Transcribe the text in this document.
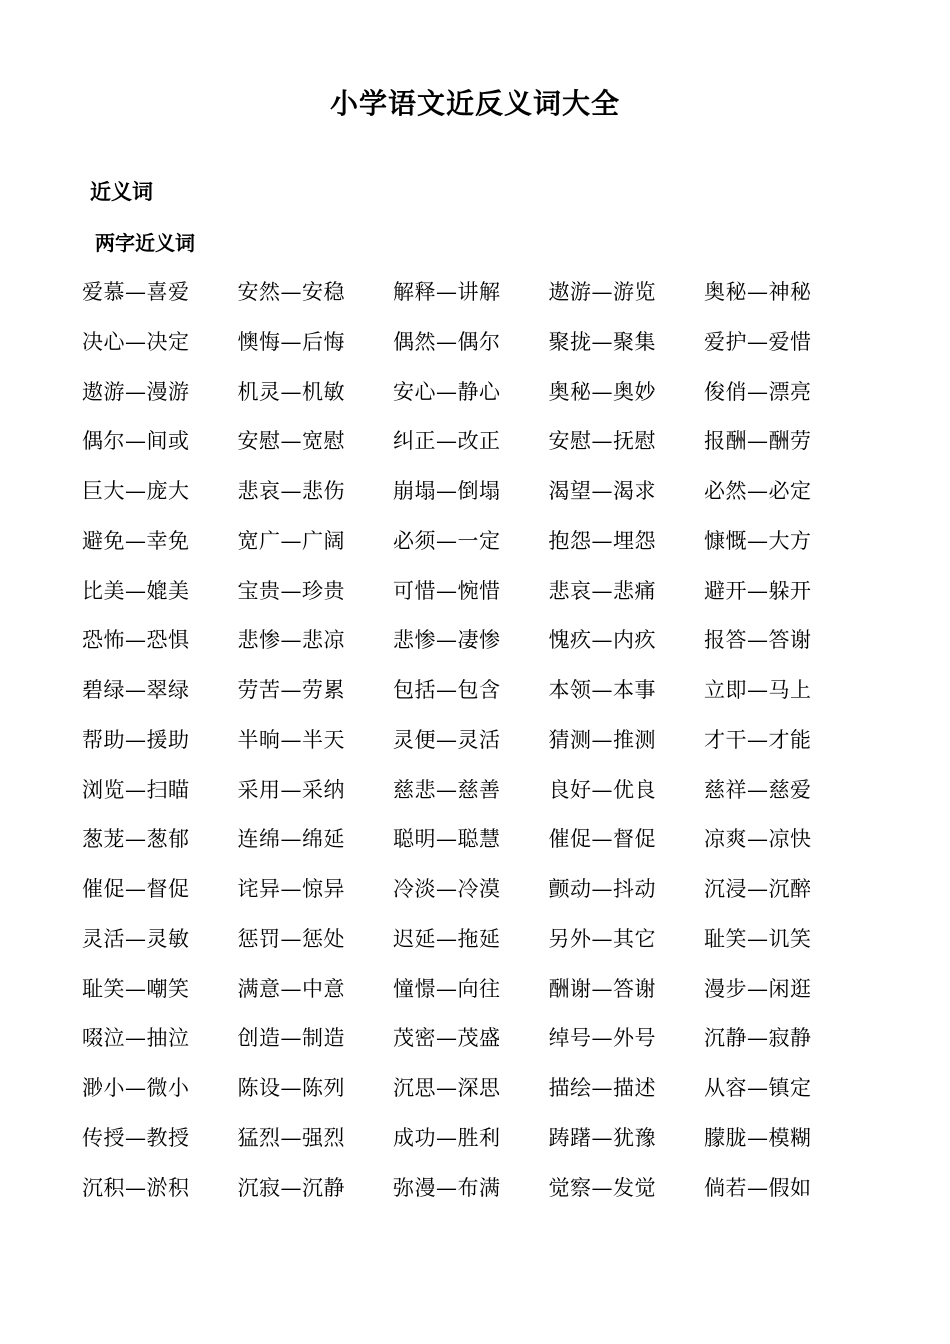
小学语文近反义词大全
近义词
两字近义词
爱慕—喜爱	安然—安稳	解释—讲解	遨游—游览	奥秘—神秘
决心—决定	懊悔—后悔	偶然—偶尔	聚拢—聚集	爱护—爱惜
遨游—漫游	机灵—机敏	安心—静心	奥秘—奥妙	俊俏—漂亮
偶尔—间或	安慰—宽慰	纠正—改正	安慰—抚慰	报酬—酬劳
巨大—庞大	悲哀—悲伤	崩塌—倒塌	渴望—渴求	必然—必定
避免—幸免	宽广—广阔	必须—一定	抱怨—埋怨	慷慨—大方
比美—媲美	宝贵—珍贵	可惜—惋惜	悲哀—悲痛	避开—躲开
恐怖—恐惧	悲惨—悲凉	悲惨—凄惨	愧疚—内疚	报答—答谢
碧绿—翠绿	劳苦—劳累	包括—包含	本领—本事	立即—马上
帮助—援助	半晌—半天	灵便—灵活	猜测—推测	才干—才能
浏览—扫瞄	采用—采纳	慈悲—慈善	良好—优良	慈祥—慈爱
葱茏—葱郁	连绵—绵延	聪明—聪慧	催促—督促	凉爽—凉快
催促—督促	诧异—惊异	冷淡—冷漠	颤动—抖动	沉浸—沉醉
灵活—灵敏	惩罚—惩处	迟延—拖延	另外—其它	耻笑—讥笑
耻笑—嘲笑	满意—中意	憧憬—向往	酬谢—答谢	漫步—闲逛
啜泣—抽泣	创造—制造	茂密—茂盛	绰号—外号	沉静—寂静
渺小—微小	陈设—陈列	沉思—深思	描绘—描述	从容—镇定
传授—教授	猛烈—强烈	成功—胜利	踌躇—犹豫	朦胧—模糊
沉积—淤积	沉寂—沉静	弥漫—布满	觉察—发觉	倘若—假如
